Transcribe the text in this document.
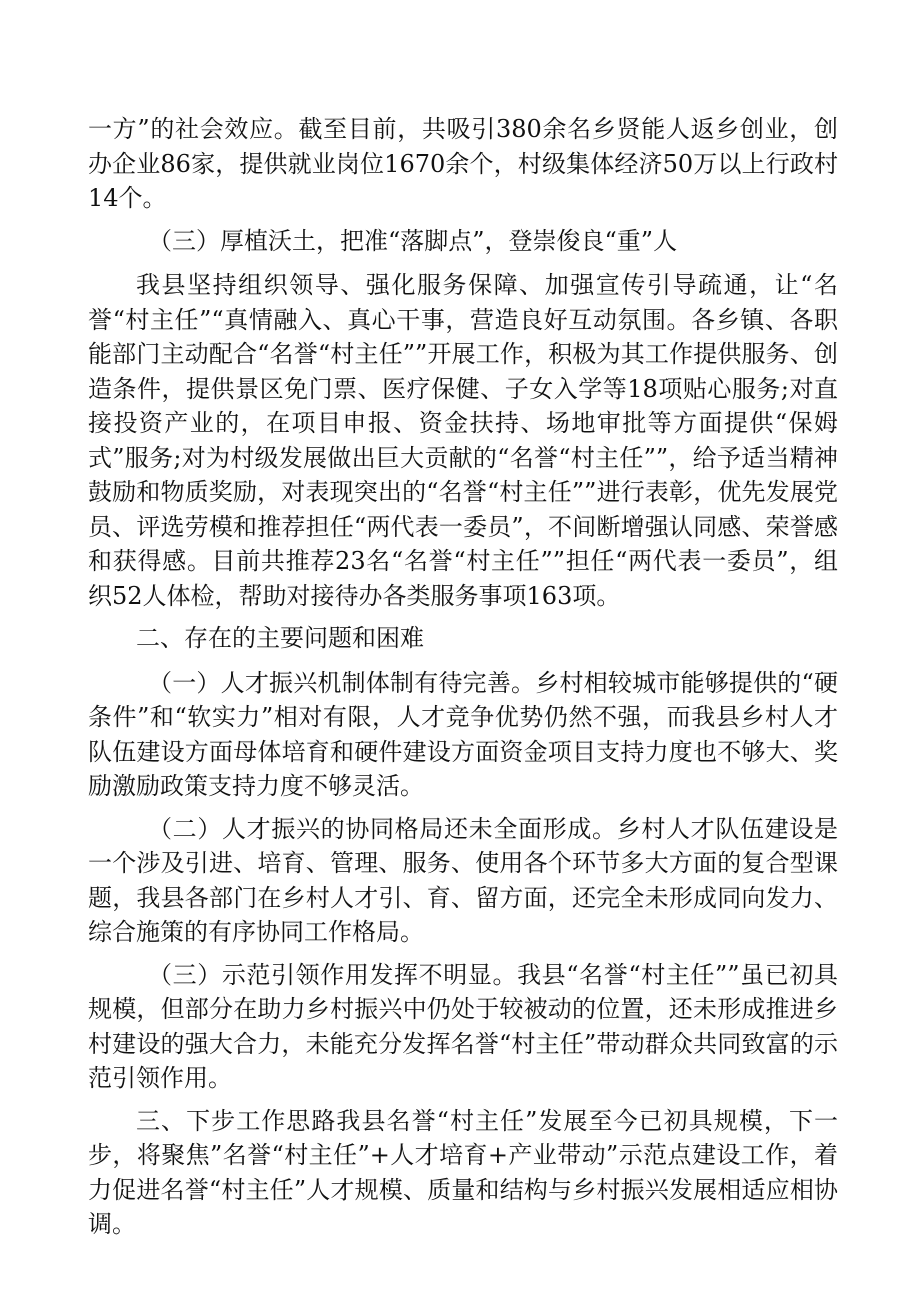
一方”的社会效应。截至目前，共吸引380余名乡贤能人返乡创业，创办企业86家，提供就业岗位1670余个，村级集体经济50万以上行政村14个。

（三）厚植沃土，把准“落脚点”，登崇俊良“重”人

我县坚持组织领导、强化服务保障、加强宣传引导疏通，让“名誉“村主任”“真情融入、真心干事，营造良好互动氛围。各乡镇、各职能部门主动配合“名誉“村主任””开展工作，积极为其工作提供服务、创造条件，提供景区免门票、医疗保健、子女入学等18项贴心服务;对直接投资产业的，在项目申报、资金扶持、场地审批等方面提供“保姆式”服务;对为村级发展做出巨大贡献的“名誉“村主任””，给予适当精神鼓励和物质奖励，对表现突出的“名誉“村主任””进行表彰，优先发展党员、评选劳模和推荐担任“两代表一委员”，不间断增强认同感、荣誉感和获得感。目前共推荐23名“名誉“村主任””担任“两代表一委员”，组织52人体检，帮助对接待办各类服务事项163项。

二、存在的主要问题和困难

（一）人才振兴机制体制有待完善。乡村相较城市能够提供的“硬条件”和“软实力”相对有限，人才竞争优势仍然不强，而我县乡村人才队伍建设方面母体培育和硬件建设方面资金项目支持力度也不够大、奖励激励政策支持力度不够灵活。

（二）人才振兴的协同格局还未全面形成。乡村人才队伍建设是一个涉及引进、培育、管理、服务、使用各个环节多大方面的复合型课题，我县各部门在乡村人才引、育、留方面，还完全未形成同向发力、综合施策的有序协同工作格局。

（三）示范引领作用发挥不明显。我县“名誉“村主任””虽已初具规模，但部分在助力乡村振兴中仍处于较被动的位置，还未形成推进乡村建设的强大合力，未能充分发挥名誉“村主任”带动群众共同致富的示范引领作用。

三、下步工作思路我县名誉“村主任”发展至今已初具规模，下一步，将聚焦”名誉“村主任”+人才培育+产业带动”示范点建设工作，着力促进名誉“村主任”人才规模、质量和结构与乡村振兴发展相适应相协调。
